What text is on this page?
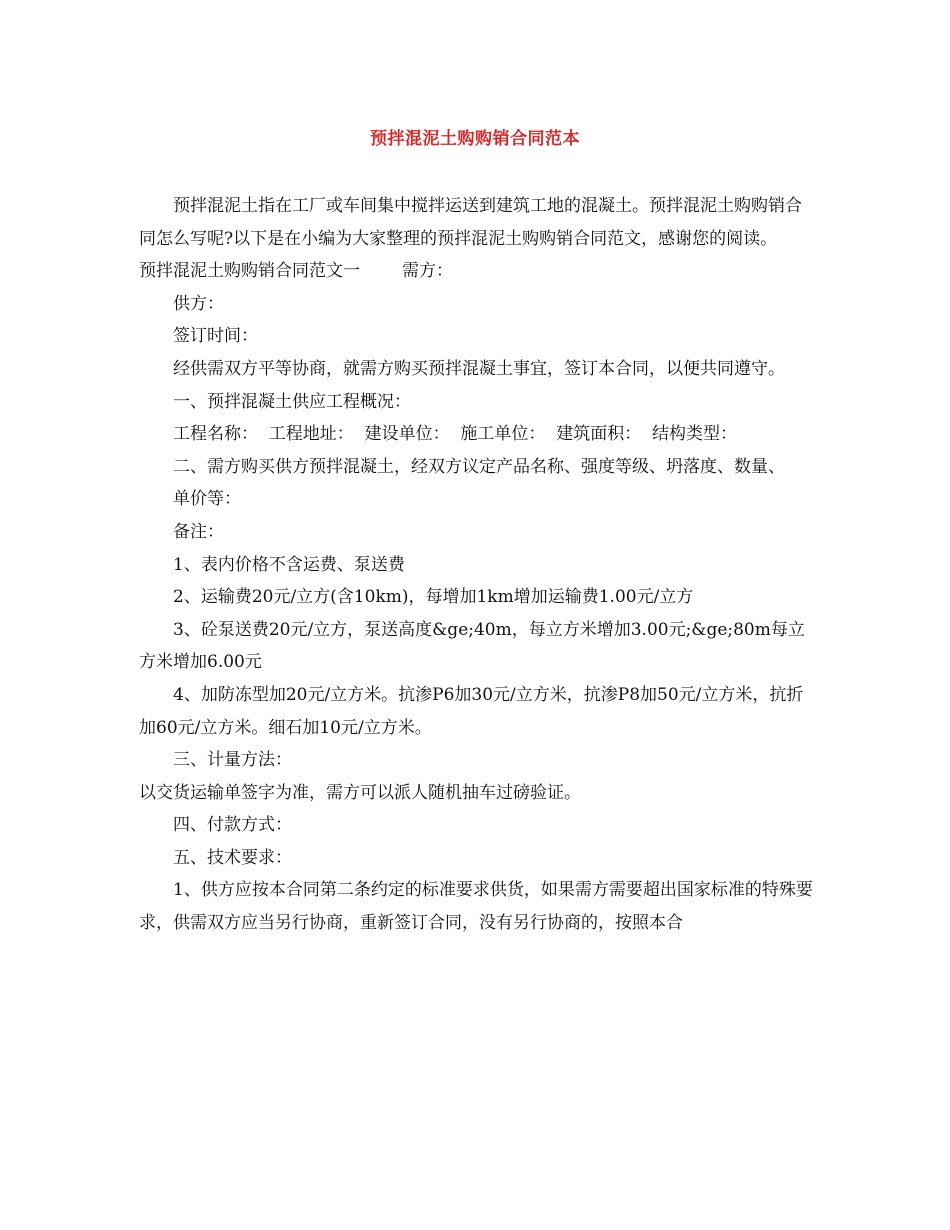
预拌混泥土购购销合同范本

预拌混泥土指在工厂或车间集中搅拌运送到建筑工地的混凝土。预拌混泥土购购销合同怎么写呢?以下是在小编为大家整理的预拌混泥土购购销合同范文，感谢您的阅读。

预拌混泥土购购销合同范文一 需方：

供方：

签订时间：

经供需双方平等协商，就需方购买预拌混凝土事宜，签订本合同，以便共同遵守。

一、预拌混凝土供应工程概况：

工程名称：  工程地址：  建设单位：  施工单位：  建筑面积：  结构类型：

二、需方购买供方预拌混凝土，经双方议定产品名称、强度等级、坍落度、数量、

单价等：

备注：

1、表内价格不含运费、泵送费

2、运输费20元/立方(含10km)，每增加1km增加运输费1.00元/立方

3、砼泵送费20元/立方，泵送高度&ge;40m，每立方米增加3.00元;&ge;80m每立方米增加6.00元

4、加防冻型加20元/立方米。抗渗P6加30元/立方米，抗渗P8加50元/立方米，抗折加60元/立方米。细石加10元/立方米。

三、计量方法：

以交货运输单签字为准，需方可以派人随机抽车过磅验证。

四、付款方式：

五、技术要求：

1、供方应按本合同第二条约定的标准要求供货，如果需方需要超出国家标准的特殊要求，供需双方应当另行协商，重新签订合同，没有另行协商的，按照本合
